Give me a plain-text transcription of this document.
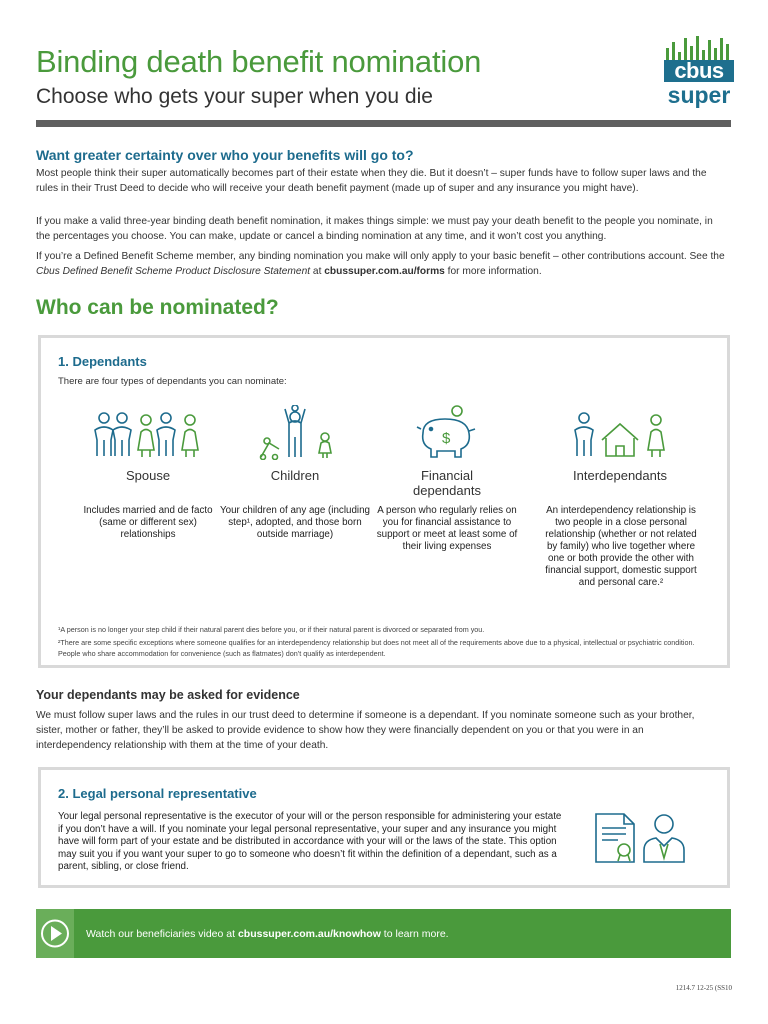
Binding death benefit nomination
Choose who gets your super when you die
cbus
super
Want greater certainty over who your benefits will go to?
Most people think their super automatically becomes part of their estate when they die. But it doesn’t – super funds have to follow super laws and the rules in their Trust Deed to decide who will receive your death benefit payment (made up of super and any insurance you might have).
If you make a valid three-year binding death benefit nomination, it makes things simple: we must pay your death benefit to the people you nominate, in the percentages you choose. You can make, update or cancel a binding nomination at any time, and it won’t cost you anything.
If you’re a Defined Benefit Scheme member, any binding nomination you make will only apply to your basic benefit – other contributions account. See the Cbus Defined Benefit Scheme Product Disclosure Statement at cbussuper.com.au/forms for more information.
Who can be nominated?
1. Dependants
There are four types of dependants you can nominate:
Spouse
Includes married and de facto (same or different sex) relationships
Children
Your children of any age (including step¹, adopted, and those born outside marriage)
$
Financial dependants
A person who regularly relies on you for financial assistance to support or meet at least some of their living expenses
Interdependants
An interdependency relationship is two people in a close personal relationship (whether or not related by family) who live together where one or both provide the other with financial support, domestic support and personal care.²
¹A person is no longer your step child if their natural parent dies before you, or if their natural parent is divorced or separated from you.
²There are some specific exceptions where someone qualifies for an interdependency relationship but does not meet all of the requirements above due to a physical, intellectual or psychiatric condition. People who share accommodation for convenience (such as flatmates) don’t qualify as interdependent.
Your dependants may be asked for evidence
We must follow super laws and the rules in our trust deed to determine if someone is a dependant. If you nominate someone such as your brother, sister, mother or father, they’ll be asked to provide evidence to show how they were financially dependent on you or that you were in an interdependency relationship with them at the time of your death.
2. Legal personal representative
Your legal personal representative is the executor of your will or the person responsible for administering your estate if you don’t have a will. If you nominate your legal personal representative, your super and any insurance you might have will form part of your estate and be distributed in accordance with your will or the laws of the state. This option may suit you if you want your super to go to someone who doesn’t fit within the definition of a dependant, such as a parent, sibling, or close friend.
Watch our beneficiaries video at cbussuper.com.au/knowhow to learn more.
1214.7 12-25 (SS10
